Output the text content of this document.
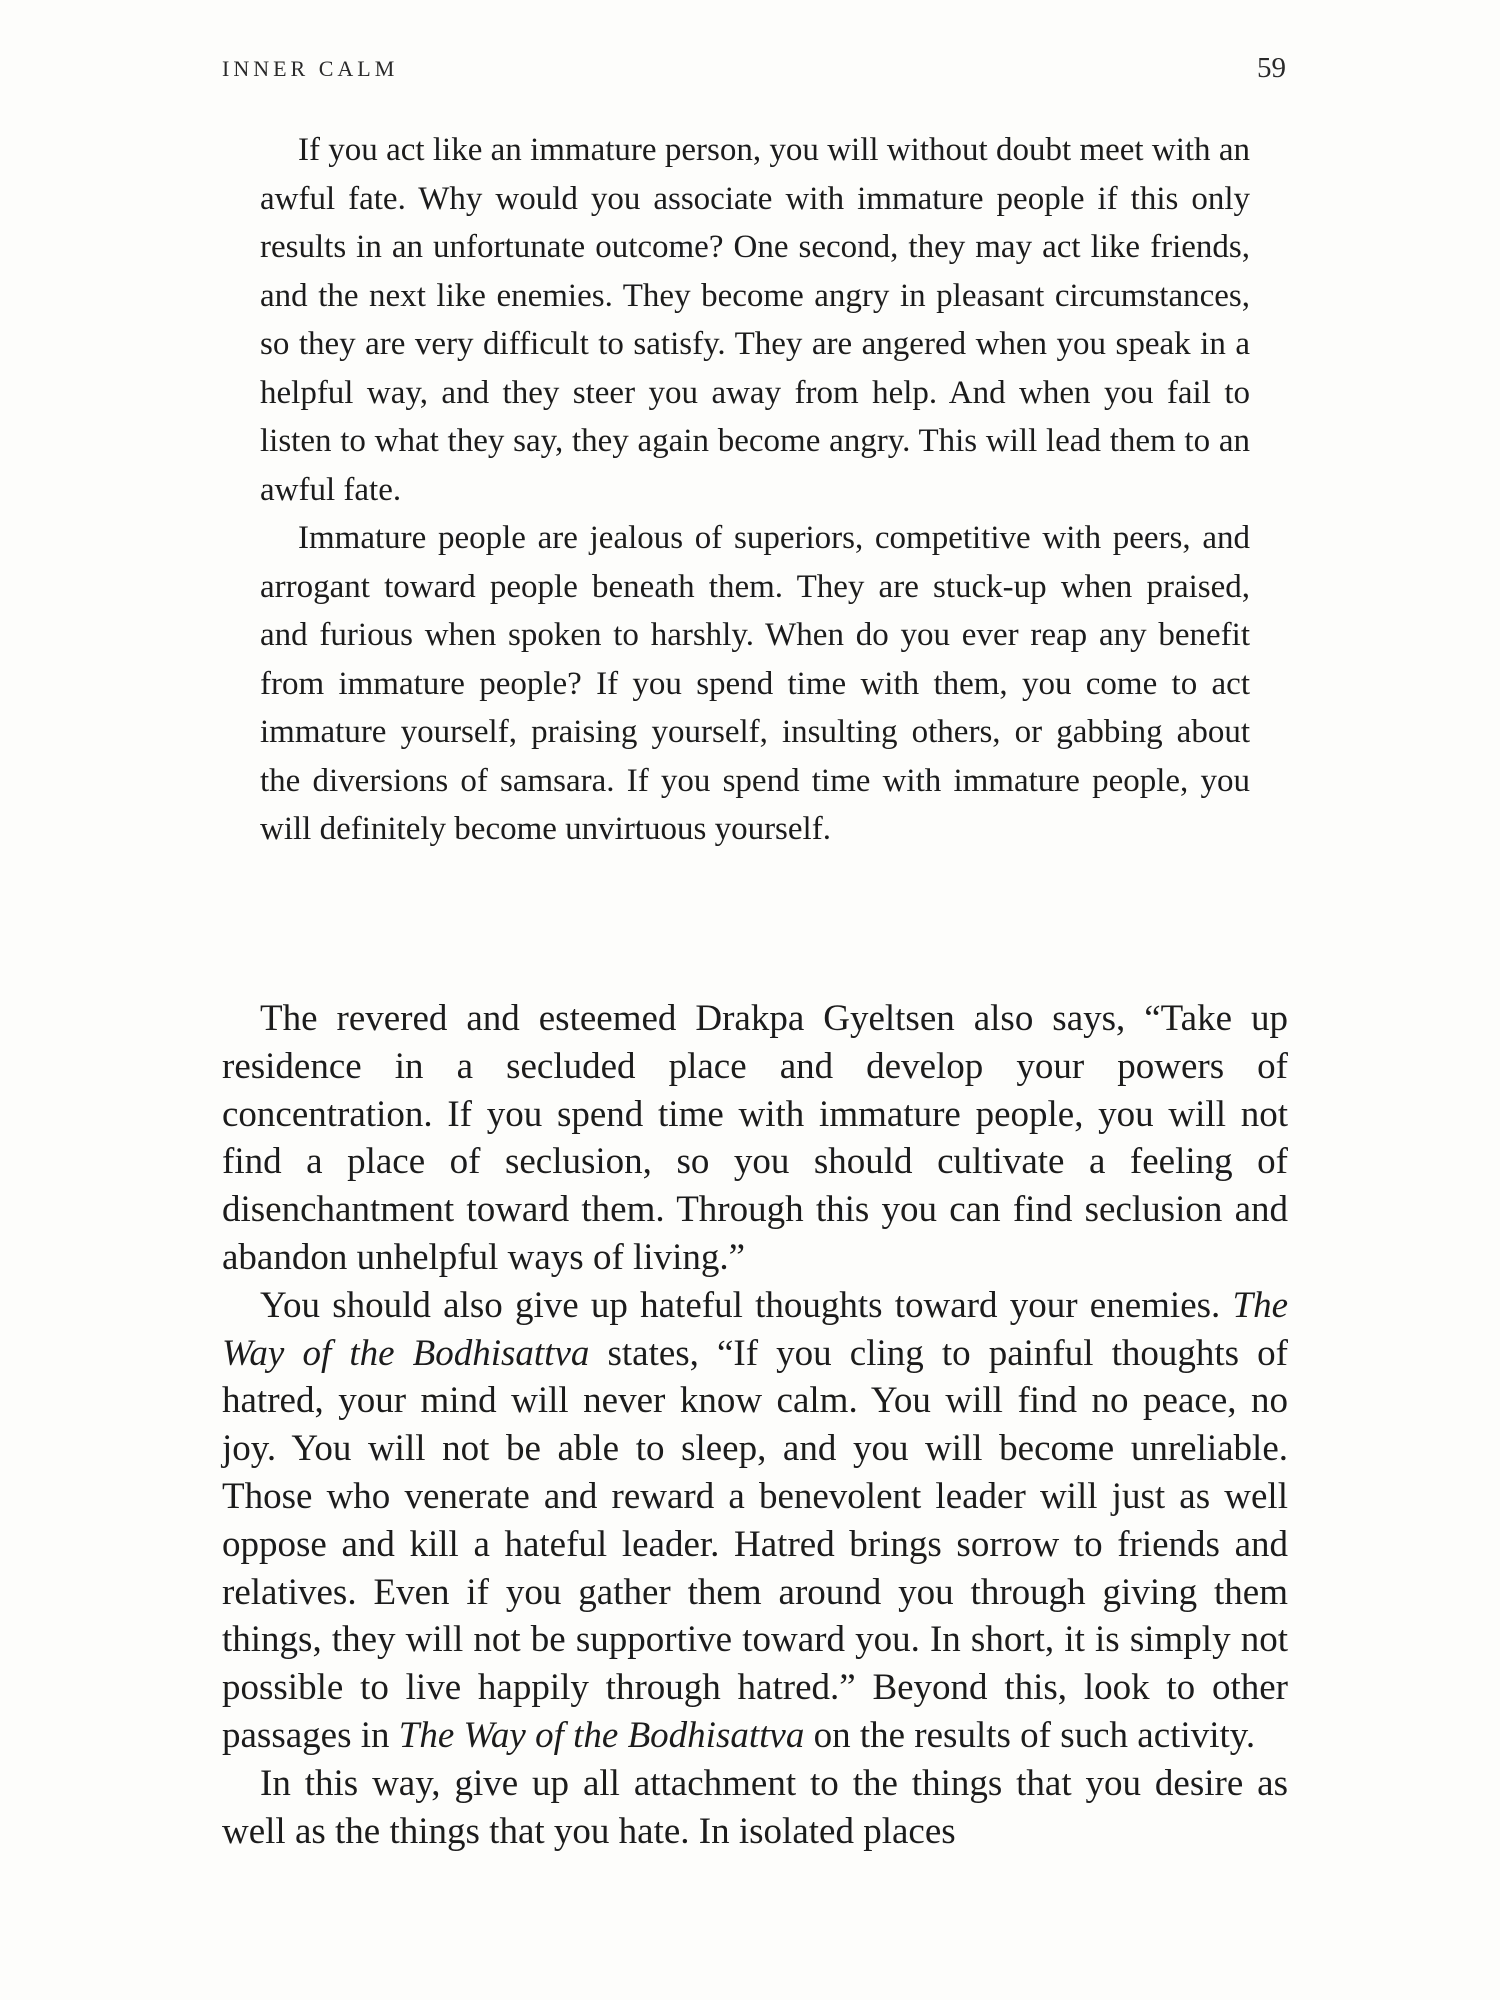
INNER CALM	59

If you act like an immature person, you will without doubt meet with an awful fate. Why would you associate with immature people if this only results in an unfortunate outcome? One second, they may act like friends, and the next like enemies. They become angry in pleasant circumstances, so they are very difficult to satisfy. They are angered when you speak in a helpful way, and they steer you away from help. And when you fail to listen to what they say, they again become angry. This will lead them to an awful fate.

Immature people are jealous of superiors, competitive with peers, and arrogant toward people beneath them. They are stuck-up when praised, and furious when spoken to harshly. When do you ever reap any benefit from immature people? If you spend time with them, you come to act immature yourself, praising yourself, insulting others, or gabbing about the diversions of samsara. If you spend time with immature people, you will definitely become unvirtuous yourself.

The revered and esteemed Drakpa Gyeltsen also says, “Take up residence in a secluded place and develop your powers of concentration. If you spend time with immature people, you will not find a place of seclusion, so you should cultivate a feeling of disenchantment toward them. Through this you can find seclusion and abandon unhelpful ways of living.”

You should also give up hateful thoughts toward your enemies. The Way of the Bodhisattva states, “If you cling to painful thoughts of hatred, your mind will never know calm. You will find no peace, no joy. You will not be able to sleep, and you will become unreliable. Those who venerate and reward a benevolent leader will just as well oppose and kill a hateful leader. Hatred brings sorrow to friends and relatives. Even if you gather them around you through giving them things, they will not be supportive toward you. In short, it is simply not possible to live happily through hatred.” Beyond this, look to other passages in The Way of the Bodhisattva on the results of such activity.

In this way, give up all attachment to the things that you desire as well as the things that you hate. In isolated places
